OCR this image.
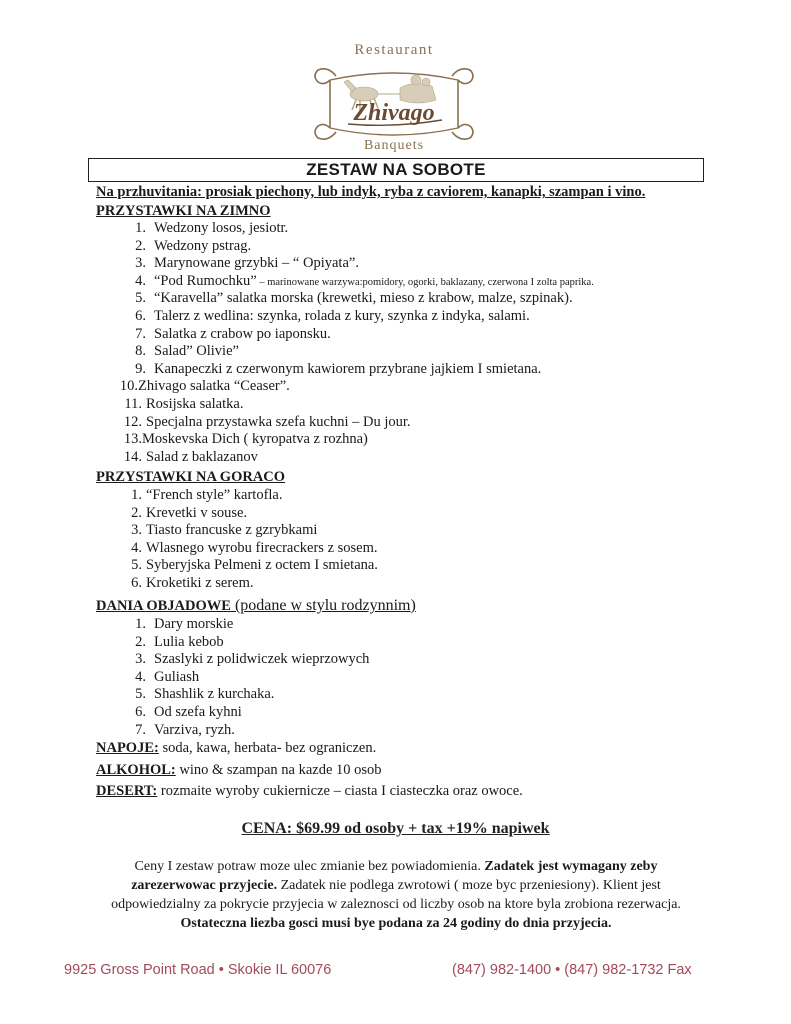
Restaurant
Zhivago
Banquets
ZESTAW NA SOBOTE
Na przhuvitania: prosiak piechony, lub indyk, ryba z caviorem, kanapki, szampan i vino.
PRZYSTAWKI NA ZIMNO
1. Wedzony losos, jesiotr.
2. Wedzony pstrag.
3. Marynowane grzybki – “ Opiyata”.
4. “Pod Rumochku” – marinowane warzywa:pomidory, ogorki, baklazany, czerwona I zolta paprika.
5. “Karavella” salatka morska (krewetki, mieso z krabow, malze, szpinak).
6. Talerz z wedlina: szynka, rolada z kury, szynka z indyka, salami.
7. Salatka z crabow po iaponsku.
8. Salad” Olivie”
9. Kanapeczki z czerwonym kawiorem przybrane jajkiem I smietana.
10.Zhivago salatka “Ceaser”.
11. Rosijska salatka.
12. Specjalna przystawka szefa kuchni – Du jour.
13.Moskevska Dich ( kyropatva z rozhna)
14. Salad z baklazanov
PRZYSTAWKI NA GORACO
1. “French style” kartofla.
2. Krevetki v souse.
3. Tiasto francuske z gzrybkami
4. Wlasnego wyrobu firecrackers z sosem.
5. Syberyjska Pelmeni z octem I smietana.
6. Kroketiki z serem.
DANIA OBJADOWE (podane w stylu rodzynnim)
1. Dary morskie
2. Lulia kebob
3. Szaslyki z polidwiczek wieprzowych
4. Guliash
5. Shashlik z kurchaka.
6. Od szefa kyhni
7. Varziva, ryzh.
NAPOJE: soda, kawa, herbata- bez ograniczen.
ALKOHOL: wino & szampan na kazde 10 osob
DESERT: rozmaite wyroby cukiernicze – ciasta I ciasteczka oraz owoce.
CENA: $69.99 od osoby + tax +19% napiwek
Ceny I zestaw potraw moze ulec zmianie bez powiadomienia. Zadatek jest wymagany zeby zarezerwowac przyjecie. Zadatek nie podlega zwrotowi ( moze byc przeniesiony). Klient jest odpowiedzialny za pokrycie przyjecia w zaleznosci od liczby osob na ktore byla zrobiona rezerwacja. Ostateczna liezba gosci musi bye podana za 24 godiny do dnia przyjecia.
9925 Gross Point Road • Skokie IL 60076	(847) 982-1400 • (847) 982-1732 Fax
